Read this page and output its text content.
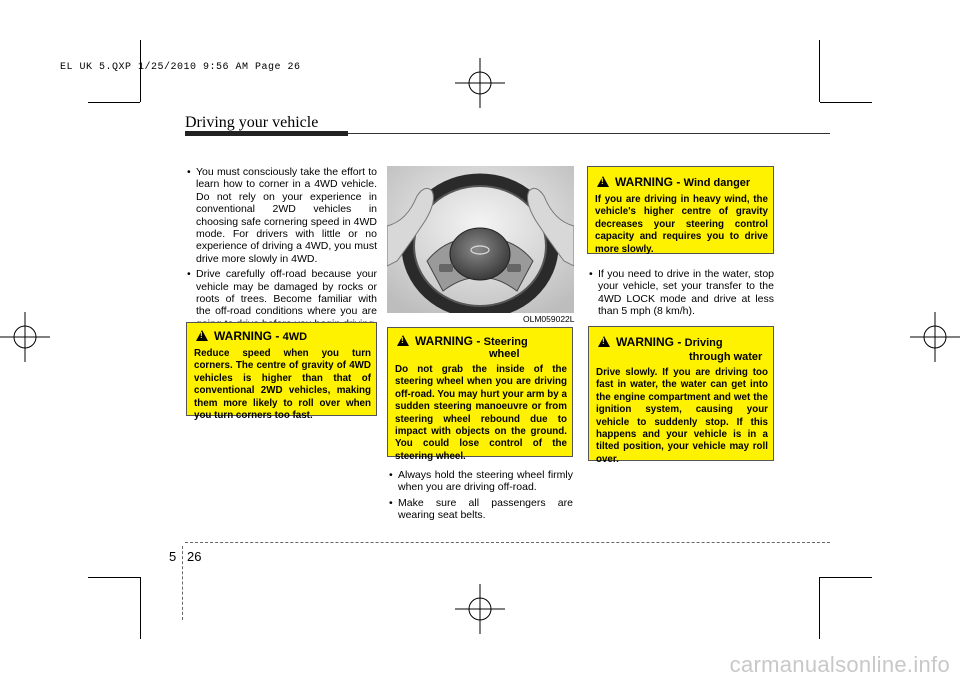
EL UK 5.QXP 1/25/2010 9:56 AM Page 26
Driving your vehicle

• You must consciously take the effort to learn how to corner in a 4WD vehicle. Do not rely on your experience in conventional 2WD vehicles in choosing safe cornering speed in 4WD mode. For drivers with little or no experience of driving a 4WD, you must drive more slowly in 4WD.

• Drive carefully off-road because your vehicle may be damaged by rocks or roots of trees. Become familiar with the off-road conditions where you are

!WARNING - 4WD
Reduce speed when you turn corners. The centre of gravity of 4WD vehicles is higher than that of conventional 2WD vehicles, making them more likely to roll over when you turn corners too fast.
OLM059022L
!WARNING - Steering
wheel
Do not grab the inside of the steering wheel when you are driving off-road. You may hurt your arm by a sudden steering manoeuvre or from steering wheel rebound due to impact with objects on the ground. You could lose control of the steering wheel.

• Always hold the steering wheel firmly when you are driving off-road.

• Make sure all passengers are wearing seat belts.

!WARNING - Wind danger
If you are driving in heavy wind, the vehicle's higher centre of gravity decreases your steering control capacity and requires you to drive more slowly.

• If you need to drive in the water, stop your vehicle, set your transfer to the 4WD LOCK mode and drive at less than 5 mph (8 km/h).

!WARNING - Driving
through water
Drive slowly. If you are driving too fast in water, the water can get into the engine compartment and wet the ignition system, causing your vehicle to suddenly stop. If this happens and your vehicle is in a tilted position, your vehicle may roll over.
5 26
carmanualsonline.info
